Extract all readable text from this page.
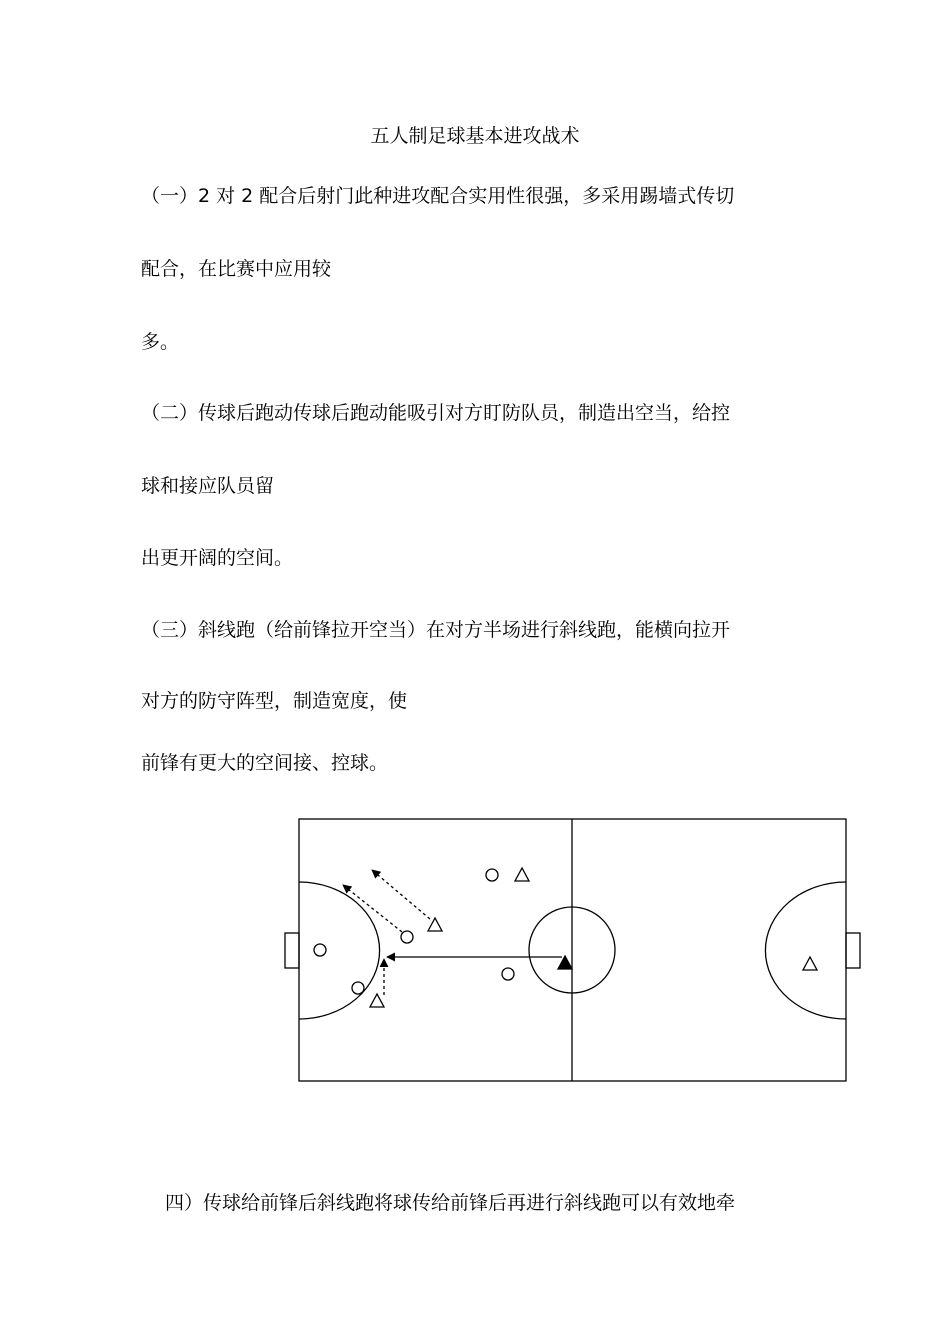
五人制足球基本进攻战术
（一）2 对 2 配合后射门此种进攻配合实用性很强，多采用踢墙式传切
配合，在比赛中应用较
多。
（二）传球后跑动传球后跑动能吸引对方盯防队员，制造出空当，给控
球和接应队员留
出更开阔的空间。
（三）斜线跑（给前锋拉开空当）在对方半场进行斜线跑，能横向拉开
对方的防守阵型，制造宽度，使
前锋有更大的空间接、控球。
四）传球给前锋后斜线跑将球传给前锋后再进行斜线跑可以有效地牵
